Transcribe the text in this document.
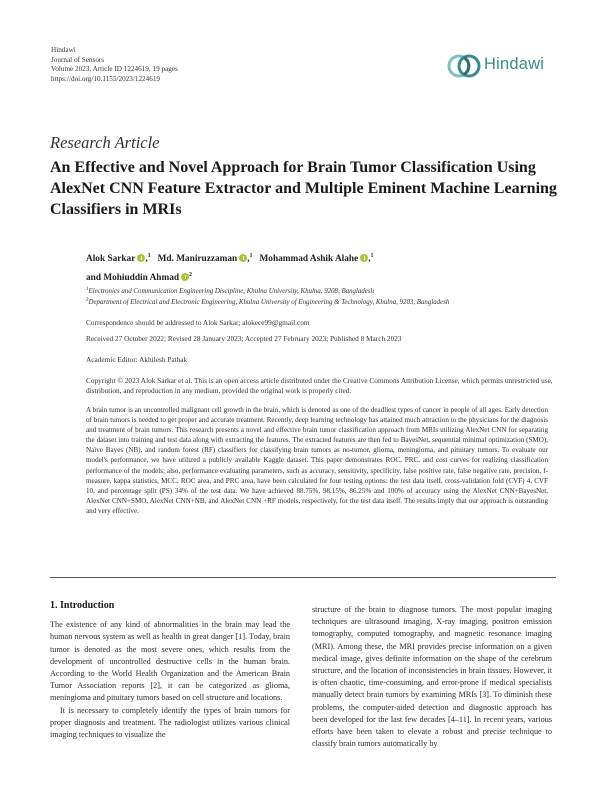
Hindawi
Journal of Sensors
Volume 2023, Article ID 1224619, 19 pages
https://doi.org/10.1155/2023/1224619
Hindawi
Research Article
An Effective and Novel Approach for Brain Tumor Classification Using AlexNet CNN Feature Extractor and Multiple Eminent Machine Learning Classifiers in MRIs
Alok Sarkar ,$^1$ Md. Maniruzzaman ,$^1$ Mohammad Ashik Alahe ,$^1$
and Mohiuddin Ahmad $^2$
$^1$Electronics and Communication Engineering Discipline, Khulna University, Khulna, 9208, Bangladesh
$^2$Department of Electrical and Electronic Engineering, Khulna University of Engineering & Technology, Khulna, 9203, Bangladesh
Correspondence should be addressed to Alok Sarkar; alokece99@gmail.com
Received 27 October 2022; Revised 28 January 2023; Accepted 27 February 2023; Published 8 March 2023
Academic Editor: Akhilesh Pathak
Copyright © 2023 Alok Sarkar et al. This is an open access article distributed under the Creative Commons Attribution License, which permits unrestricted use, distribution, and reproduction in any medium, provided the original work is properly cited.
A brain tumor is an uncontrolled malignant cell growth in the brain, which is denoted as one of the deadliest types of cancer in people of all ages. Early detection of brain tumors is needed to get proper and accurate treatment. Recently, deep learning technology has attained much attraction to the physicians for the diagnosis and treatment of brain tumors. This research presents a novel and effective brain tumor classification approach from MRIs utilizing AlexNet CNN for separating the dataset into training and test data along with extracting the features. The extracted features are then fed to BayesNet, sequential minimal optimization (SMO), Naïve Bayes (NB), and random forest (RF) classifiers for classifying brain tumors as no-tumor, glioma, meningioma, and pituitary tumors. To evaluate our model's performance, we have utilized a publicly available Kaggle dataset. This paper demonstrates ROC, PRC, and cost curves for realizing classification performance of the models; also, performance evaluating parameters, such as accuracy, sensitivity, specificity, false positive rate, false negative rate, precision, f-measure, kappa statistics, MCC, ROC area, and PRC area, have been calculated for four testing options: the test data itself, cross-validation fold (CVF) 4, CVF 10, and percentage split (PS) 34% of the test data. We have achieved 88.75%, 98.15%, 86.25% and 100% of accuracy using the AlexNet CNN+BayesNet, AlexNet CNN+SMO, AlexNet CNN+NB, and AlexNet CNN +RF models, respectively, for the test data itself. The results imply that our approach is outstanding and very effective.
1. Introduction

The existence of any kind of abnormalities in the brain may lead the human nervous system as well as health in great danger [1]. Today, brain tumor is denoted as the most severe ones, which results from the development of uncontrolled destructive cells in the human brain. According to the World Health Organization and the American Brain Tumor Association reports [2], it can be categorized as glioma, meningioma and pituitary tumors based on cell structure and locations.

It is necessary to completely identify the types of brain tumors for proper diagnosis and treatment. The radiologist utilizes various clinical imaging techniques to visualize the

structure of the brain to diagnose tumors. The most popular imaging techniques are ultrasound imaging, X-ray imaging, positron emission tomography, computed tomography, and magnetic resonance imaging (MRI). Among these, the MRI provides precise information on a given medical image, gives definite information on the shape of the cerebrum structure, and the location of inconsistencies in brain tissues. However, it is often chaotic, time-consuming, and error-prone if medical specialists manually detect brain tumors by examining MRIs [3]. To diminish these problems, the computer-aided detection and diagnostic approach has been developed for the last few decades [4–11]. In recent years, various efforts have been taken to elevate a robust and precise technique to classify brain tumors automatically by
